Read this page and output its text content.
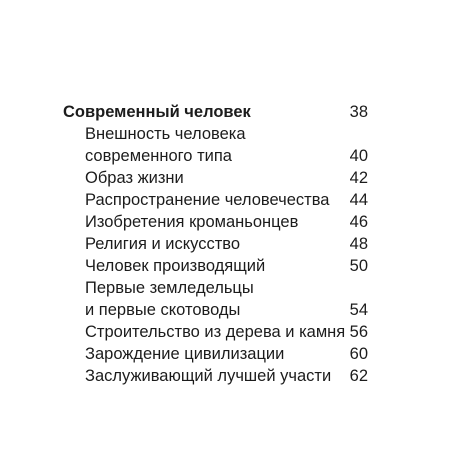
Современный человек	38
Внешность человека
современного типа	40
Образ жизни	42
Распространение человечества 44
Изобретения кроманьонцев	46
Религия и искусство	48
Человек производящий	50
Первые земледельцы
и первые скотоводы	54
Строительство из дерева и камня 56
Зарождение цивилизации	60
Заслуживающий лучшей участи 62
